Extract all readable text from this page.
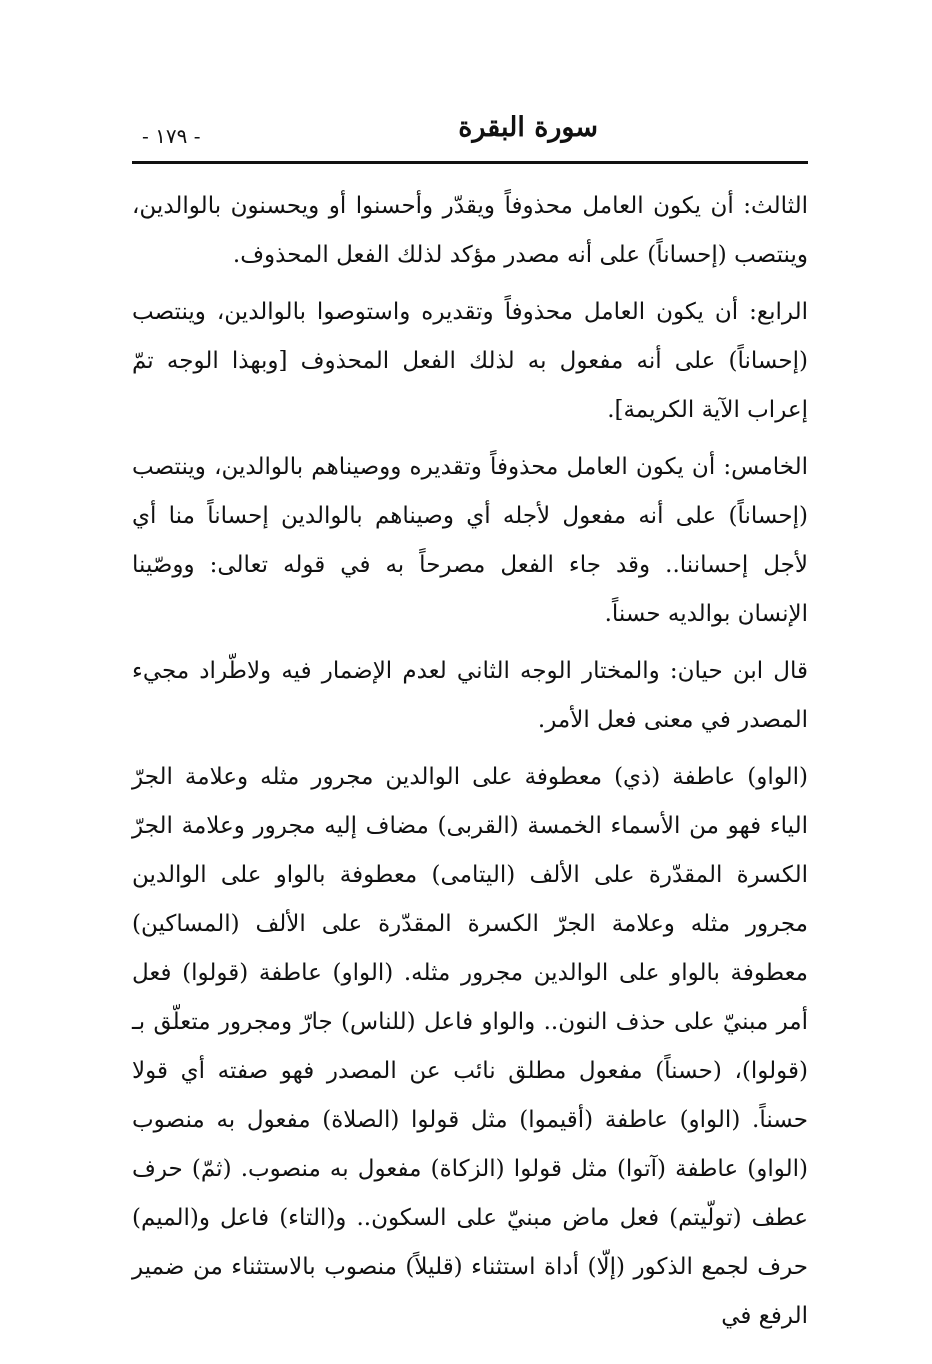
سورة البقرة
- ١٧٩ -

الثالث: أن يكون العامل محذوفاً ويقدّر وأحسنوا أو ويحسنون بالوالدين، وينتصب (إحساناً) على أنه مصدر مؤكد لذلك الفعل المحذوف.

الرابع: أن يكون العامل محذوفاً وتقديره واستوصوا بالوالدين، وينتصب (إحساناً) على أنه مفعول به لذلك الفعل المحذوف [وبهذا الوجه تمّ إعراب الآية الكريمة].

الخامس: أن يكون العامل محذوفاً وتقديره ووصيناهم بالوالدين، وينتصب (إحساناً) على أنه مفعول لأجله أي وصيناهم بالوالدين إحساناً منا أي لأجل إحساننا.. وقد جاء الفعل مصرحاً به في قوله تعالى: ووصّينا الإنسان بوالديه حسناً.

قال ابن حيان: والمختار الوجه الثاني لعدم الإضمار فيه ولاطّراد مجيء المصدر في معنى فعل الأمر.

(الواو) عاطفة (ذي) معطوفة على الوالدين مجرور مثله وعلامة الجرّ الياء فهو من الأسماء الخمسة (القربى) مضاف إليه مجرور وعلامة الجرّ الكسرة المقدّرة على الألف (اليتامى) معطوفة بالواو على الوالدين مجرور مثله وعلامة الجرّ الكسرة المقدّرة على الألف (المساكين) معطوفة بالواو على الوالدين مجرور مثله. (الواو) عاطفة (قولوا) فعل أمر مبنيّ على حذف النون.. والواو فاعل (للناس) جارّ ومجرور متعلّق بـ (قولوا)، (حسناً) مفعول مطلق نائب عن المصدر فهو صفته أي قولا حسناً. (الواو) عاطفة (أقيموا) مثل قولوا (الصلاة) مفعول به منصوب (الواو) عاطفة (آتوا) مثل قولوا (الزكاة) مفعول به منصوب. (ثمّ) حرف عطف (تولّيتم) فعل ماض مبنيّ على السكون.. و(التاء) فاعل و(الميم) حرف لجمع الذكور (إلّا) أداة استثناء (قليلاً) منصوب بالاستثناء من ضمير الرفع في
